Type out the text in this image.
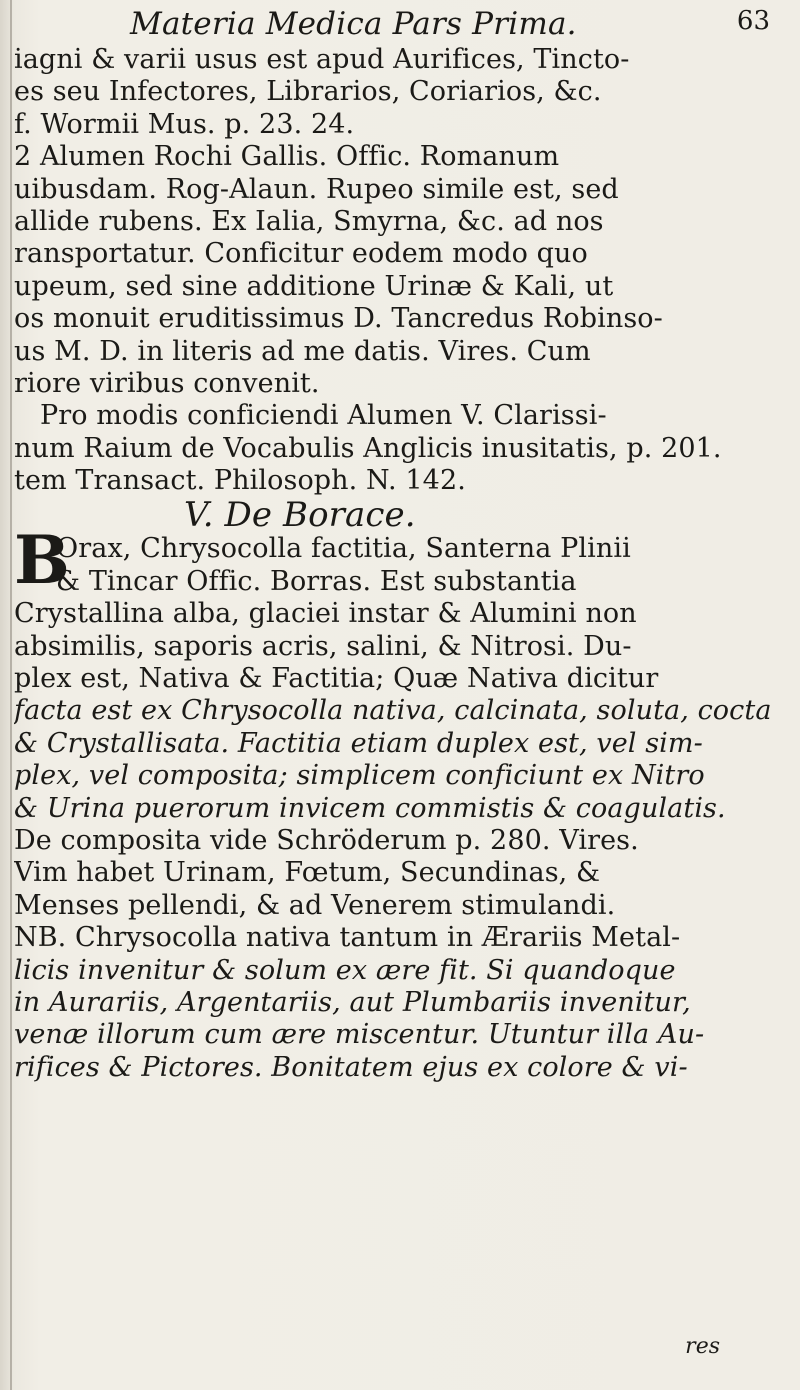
Materia Medica Pars Prima.	63
iagni & varii usus est apud Aurifices, Tincto-
es seu Infectores, Librarios, Coriarios, &c.
f. Wormii Mus. p. 23. 24.
2 Alumen Rochi Gallis. Offic. Romanum
uibusdam. Rog-Alaun. Rupeo simile est, sed
allide rubens. Ex Ialia, Smyrna, &c. ad nos
ransportatur. Conficitur eodem modo quo
upeum, sed sine additione Urinæ & Kali, ut
os monuit eruditissimus D. Tancredus Robinso-
us M. D. in literis ad me datis. Vires. Cum
riore viribus convenit.
Pro modis conficiendi Alumen V. Clarissi-
num Raium de Vocabulis Anglicis inusitatis, p. 201.
tem Transact. Philosoph. N. 142.
V. De Borace.
B
Orax, Chrysocolla factitia, Santerna Plinii
& Tincar Offic. Borras. Est substantia
Crystallina alba, glaciei instar & Alumini non
absimilis, saporis acris, salini, & Nitrosi. Du-
plex est, Nativa & Factitia; Quæ Nativa dicitur
facta est ex Chrysocolla nativa, calcinata, soluta, cocta
& Crystallisata. Factitia etiam duplex est, vel sim-
plex, vel composita; simplicem conficiunt ex Nitro
& Urina puerorum invicem commistis & coagulatis.
De composita vide Schröderum p. 280. Vires.
Vim habet Urinam, Fœtum, Secundinas, &
Menses pellendi, & ad Venerem stimulandi.
NB. Chrysocolla nativa tantum in Ærariis Metal-
licis invenitur & solum ex ære fit. Si quandoque
in Aurariis, Argentariis, aut Plumbariis invenitur,
venæ illorum cum ære miscentur. Utuntur illa Au-
rifices & Pictores. Bonitatem ejus ex colore & vi-
res
